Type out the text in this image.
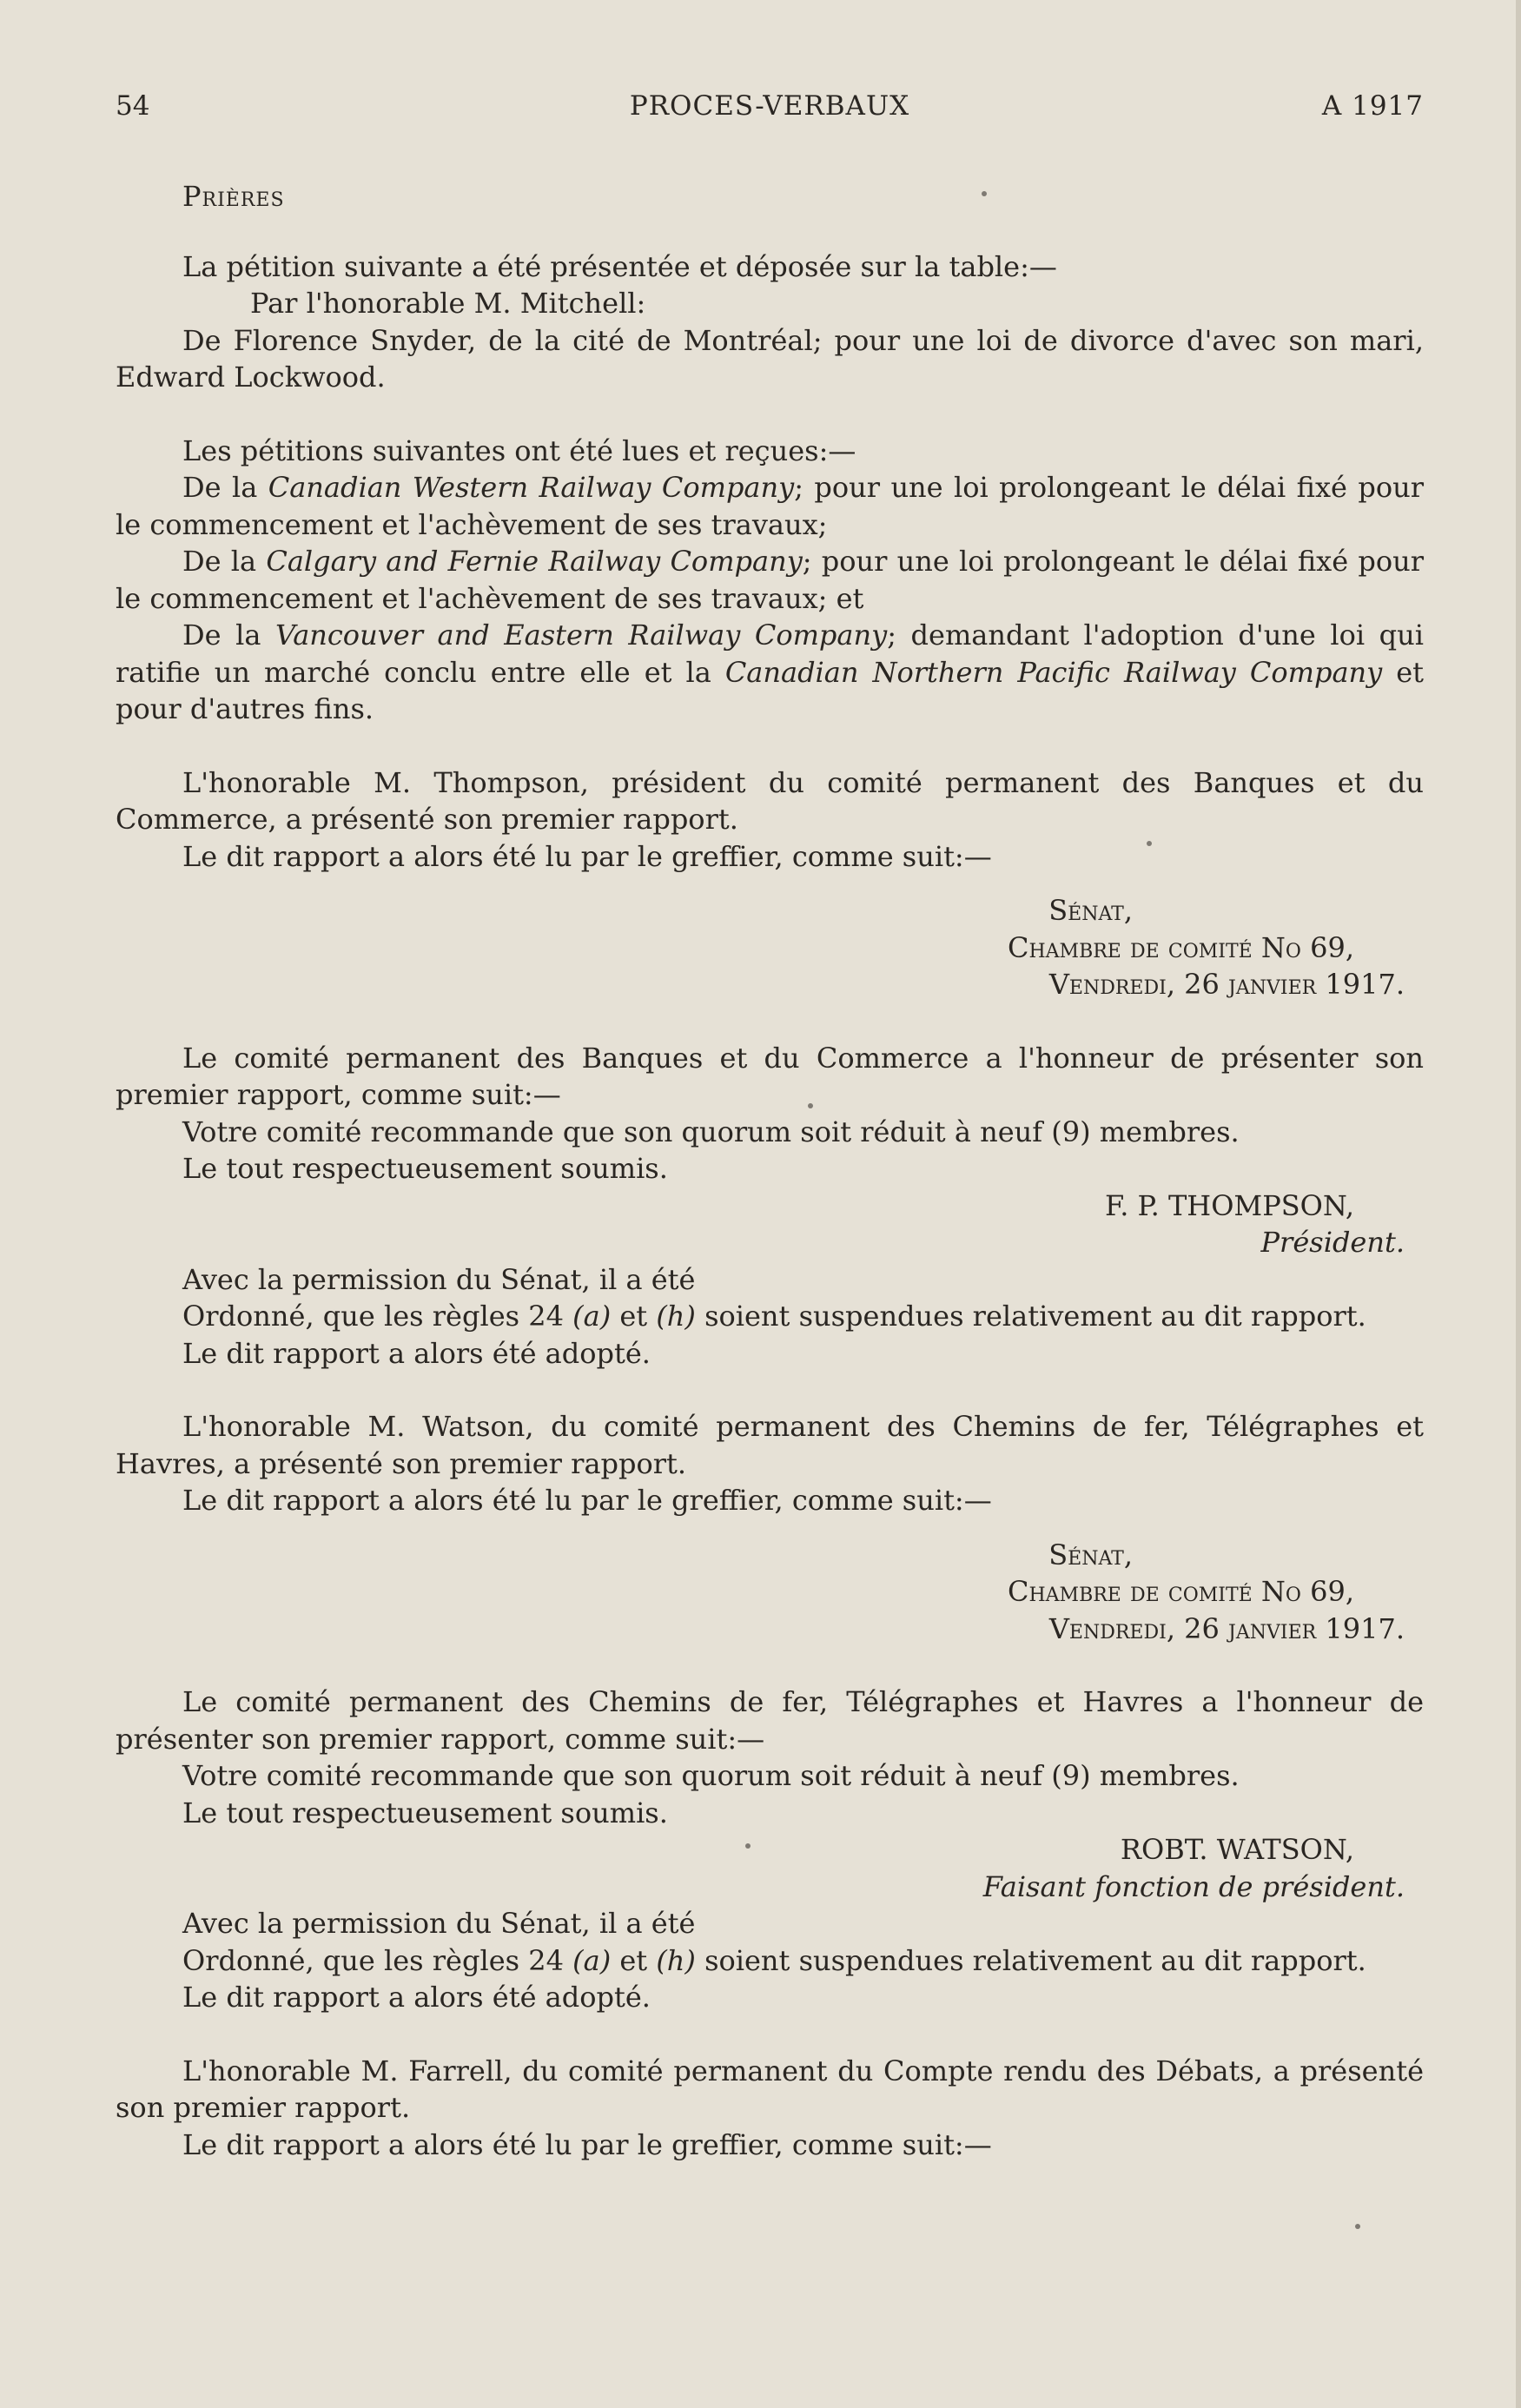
54	PROCES-VERBAUX	A 1917
Prières
La pétition suivante a été présentée et déposée sur la table:—
Par l'honorable M. Mitchell:
De Florence Snyder, de la cité de Montréal; pour une loi de divorce d'avec son mari, Edward Lockwood.
Les pétitions suivantes ont été lues et reçues:—
De la Canadian Western Railway Company; pour une loi prolongeant le délai fixé pour le commencement et l'achèvement de ses travaux;
De la Calgary and Fernie Railway Company; pour une loi prolongeant le délai fixé pour le commencement et l'achèvement de ses travaux; et
De la Vancouver and Eastern Railway Company; demandant l'adoption d'une loi qui ratifie un marché conclu entre elle et la Canadian Northern Pacific Railway Company et pour d'autres fins.
L'honorable M. Thompson, président du comité permanent des Banques et du Commerce, a présenté son premier rapport.
Le dit rapport a alors été lu par le greffier, comme suit:—
Sénat,
Chambre de comité No 69,
Vendredi, 26 janvier 1917.
Le comité permanent des Banques et du Commerce a l'honneur de présenter son premier rapport, comme suit:—
Votre comité recommande que son quorum soit réduit à neuf (9) membres.
Le tout respectueusement soumis.
F. P. THOMPSON,
Président.
Avec la permission du Sénat, il a été
Ordonné, que les règles 24 (a) et (h) soient suspendues relativement au dit rapport.
Le dit rapport a alors été adopté.
L'honorable M. Watson, du comité permanent des Chemins de fer, Télégraphes et Havres, a présenté son premier rapport.
Le dit rapport a alors été lu par le greffier, comme suit:—
Sénat,
Chambre de comité No 69,
Vendredi, 26 janvier 1917.
Le comité permanent des Chemins de fer, Télégraphes et Havres a l'honneur de présenter son premier rapport, comme suit:—
Votre comité recommande que son quorum soit réduit à neuf (9) membres.
Le tout respectueusement soumis.
ROBT. WATSON,
Faisant fonction de président.
Avec la permission du Sénat, il a été
Ordonné, que les règles 24 (a) et (h) soient suspendues relativement au dit rapport.
Le dit rapport a alors été adopté.
L'honorable M. Farrell, du comité permanent du Compte rendu des Débats, a présenté son premier rapport.
Le dit rapport a alors été lu par le greffier, comme suit:—
